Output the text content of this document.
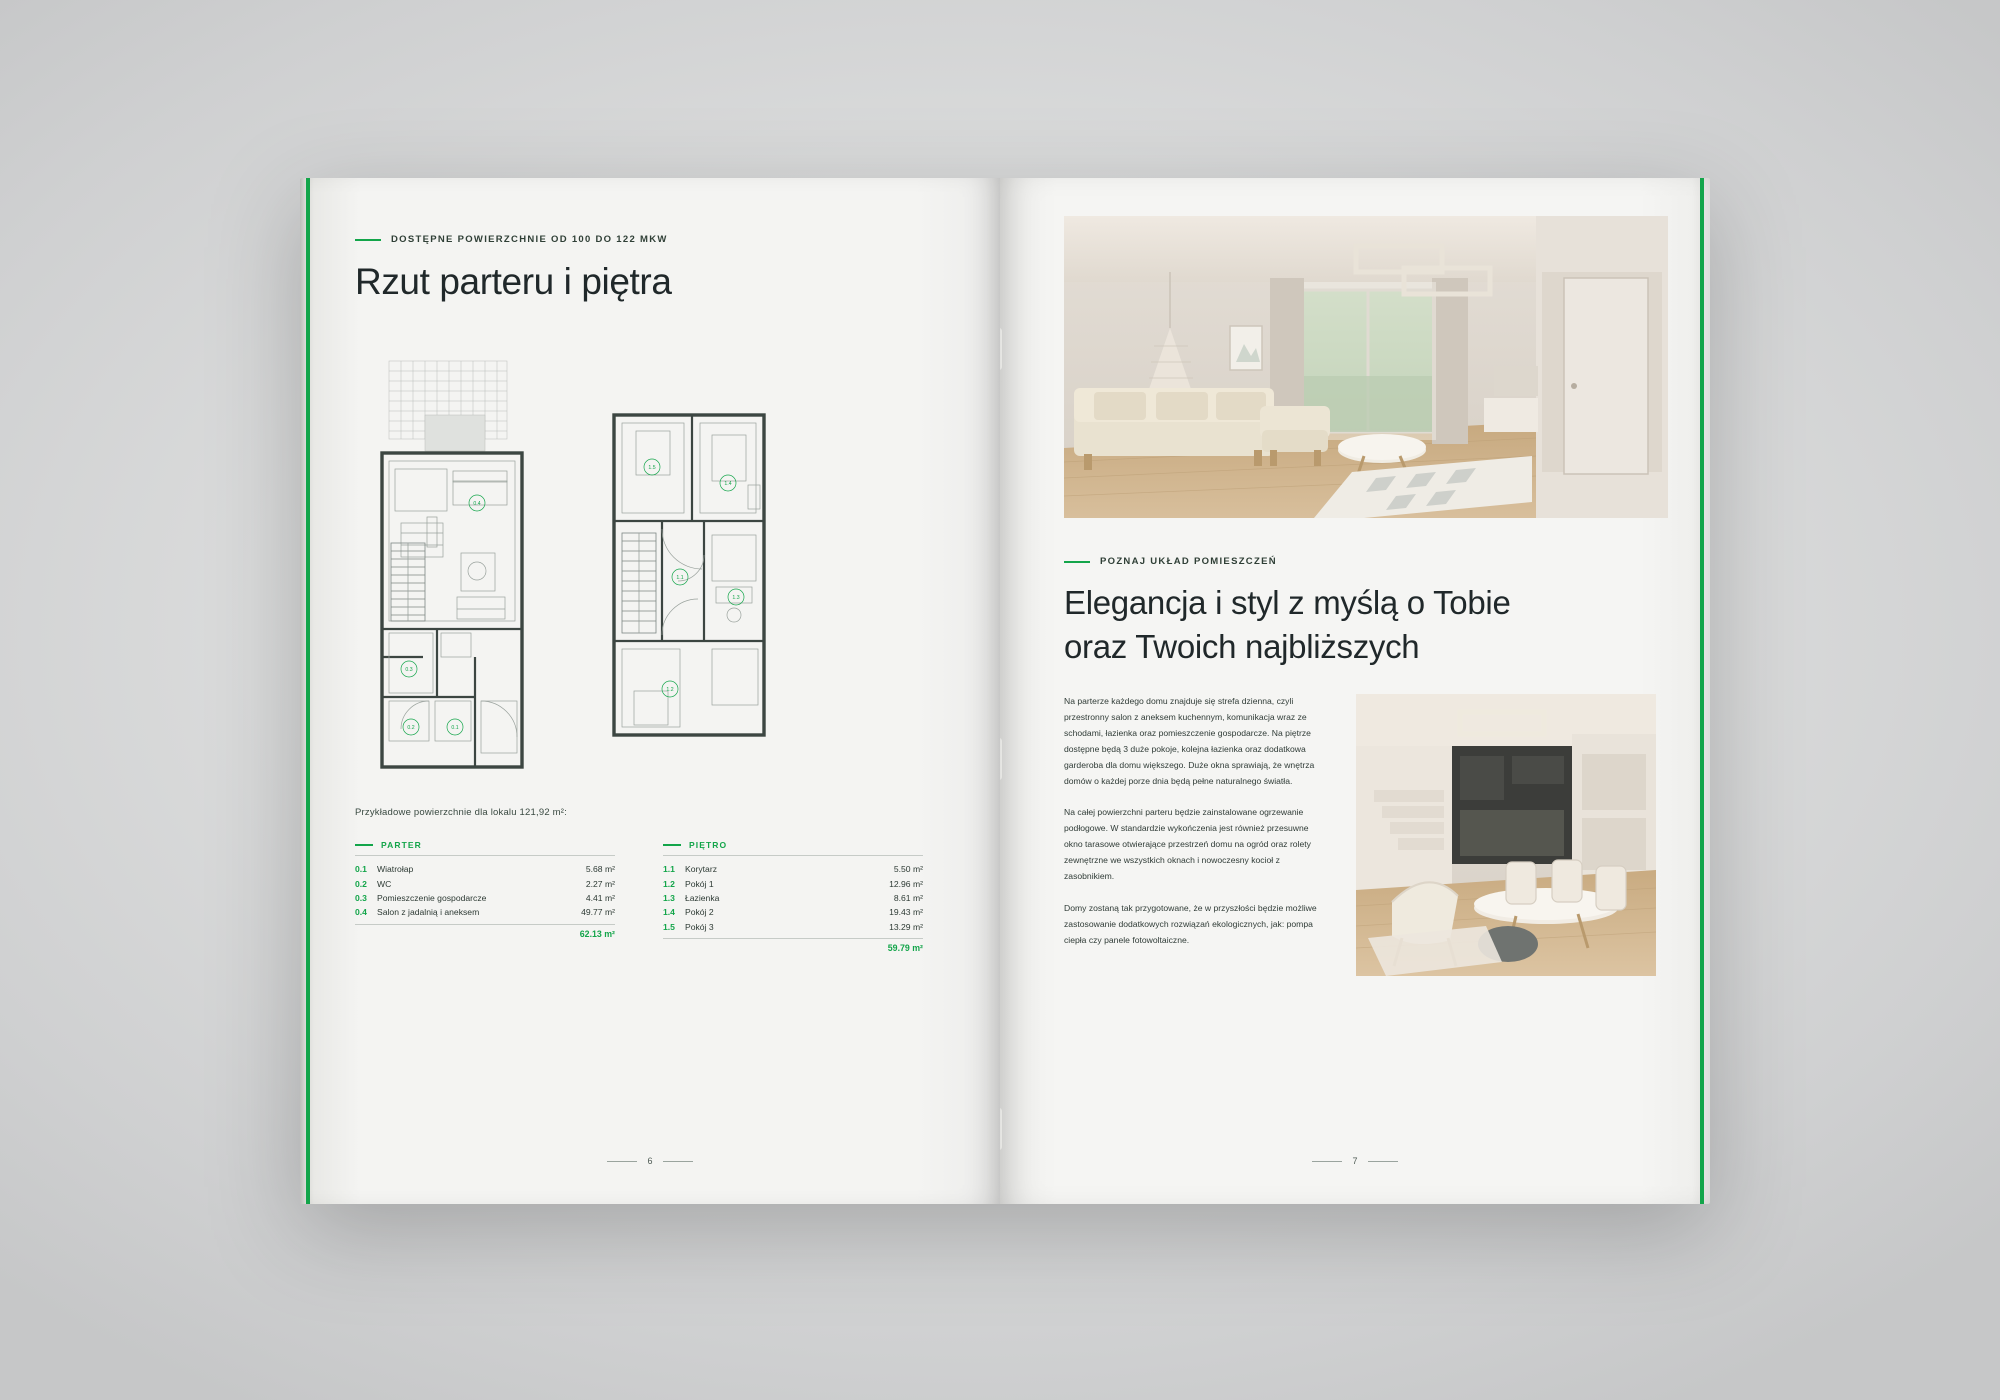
DOSTĘPNE POWIERZCHNIE OD 100 DO 122 MKW
Rzut parteru i piętra
0.4
0.3
0.2	0.1
1.5
1.4
1.1
1.3
1.2
Przykładowe powierzchnie dla lokalu 121,92 m²:
PARTER
0.1	Wiatrołap	5.68 m²
0.2	WC	2.27 m²
0.3	Pomieszczenie gospodarcze	4.41 m²
0.4	Salon z jadalnią i aneksem	49.77 m²
62.13 m²
PIĘTRO
1.1	Korytarz	5.50 m²
1.2	Pokój 1	12.96 m²
1.3	Łazienka	8.61 m²
1.4	Pokój 2	19.43 m²
1.5	Pokój 3	13.29 m²
59.79 m²
6
POZNAJ UKŁAD POMIESZCZEŃ
Elegancja i styl z myślą o Tobie
oraz Twoich najbliższych

Na parterze każdego domu znajduje się strefa dzienna, czyli przestronny salon z aneksem kuchennym, komunikacja wraz ze schodami, łazienka oraz pomieszczenie gospodarcze. Na piętrze dostępne będą 3 duże pokoje, kolejna łazienka oraz dodatkowa garderoba dla domu większego. Duże okna sprawiają, że wnętrza domów o każdej porze dnia będą pełne naturalnego światła.

Na całej powierzchni parteru będzie zainstalowane ogrzewanie podłogowe. W standardzie wykończenia jest również przesuwne okno tarasowe otwierające przestrzeń domu na ogród oraz rolety zewnętrzne we wszystkich oknach i nowoczesny kocioł z zasobnikiem.

Domy zostaną tak przygotowane, że w przyszłości będzie możliwe zastosowanie dodatkowych rozwiązań ekologicznych, jak: pompa ciepła czy panele fotowoltaiczne.

7
